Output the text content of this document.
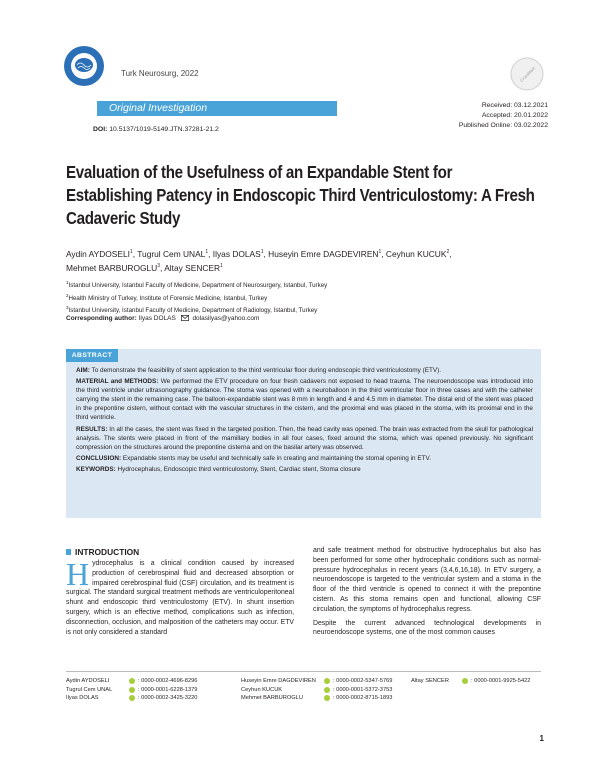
Turk Neurosurg, 2022	CrossMark
Original Investigation	Received: 03.12.2021
Accepted: 20.01.2022
Published Online: 03.02.2022
DOI: 10.5137/1019-5149.JTN.37281-21.2
Evaluation of the Usefulness of an Expandable Stent for Establishing Patency in Endoscopic Third Ventriculostomy: A Fresh Cadaveric Study
Aydin AYDOSELI$^1$, Tugrul Cem UNAL$^1$, Ilyas DOLAS$^1$, Huseyin Emre DAGDEVIREN$^1$, Ceyhun KUCUK$^2$,
Mehmet BARBUROGLU$^3$, Altay SENCER$^1$
$^1$Istanbul University, Istanbul Faculty of Medicine, Department of Neurosurgery, Istanbul, Turkey
$^2$Health Ministry of Turkey, Institute of Forensic Medicine, Istanbul, Turkey
$^3$Istanbul University, Istanbul Faculty of Medicine, Department of Radiology, Istanbul, Turkey
Corresponding author: Ilyas DOLAS	dolasilyas@yahoo.com
ABSTRACT

AIM: To demonstrate the feasibility of stent application to the third ventricular floor during endoscopic third ventriculostomy (ETV).

MATERIAL and METHODS: We performed the ETV procedure on four fresh cadavers not exposed to head trauma. The neuroendoscope was introduced into the third ventricle under ultrasonography guidance. The stoma was opened with a neuroballoon in the third ventricular floor in three cases and with the catheter carrying the stent in the remaining case. The balloon-expandable stent was 8 mm in length and 4 and 4.5 mm in diameter. The distal end of the stent was placed in the prepontine cistern, without contact with the vascular structures in the cistern, and the proximal end was placed in the stoma, with its proximal end in the third ventricle.

RESULTS: In all the cases, the stent was fixed in the targeted position. Then, the head cavity was opened. The brain was extracted from the skull for pathological analysis. The stents were placed in front of the mamillary bodies in all four cases, fixed around the stoma, which was opened previously. No significant compression on the structures around the prepontine cisterna and on the basilar artery was observed.

CONCLUSION: Expandable stents may be useful and technically safe in creating and maintaining the stomal opening in ETV.

KEYWORDS: Hydrocephalus, Endoscopic third ventriculostomy, Stent, Cardiac stent, Stoma closure

INTRODUCTION

Hydrocephalus is a clinical condition caused by increased production of cerebrospinal fluid and decreased absorption or impaired cerebrospinal fluid (CSF) circulation, and its treatment is surgical. The standard surgical treatment methods are ventriculoperitoneal shunt and endoscopic third ventriculostomy (ETV). In shunt insertion surgery, which is an effective method, complications such as infection, disconnection, occlusion, and malposition of the catheters may occur. ETV is not only considered a standard

and safe treatment method for obstructive hydrocephalus but also has been performed for some other hydrocephalic conditions such as normal-pressure hydrocephalus in recent years (3,4,6,16,18). In ETV surgery, a neuroendoscope is targeted to the ventricular system and a stoma in the floor of the third ventricle is opened to connect it with the prepontine cistern. As this stoma remains open and functional, allowing CSF circulation, the symptoms of hydrocephalus regress.

Despite the current advanced technological developments in neuroendoscope systems, one of the most common causes

Aydin AYDOSELI	: 0000-0002-4696-8296	Huseyin Emre DAGDEVIREN	: 0000-0002-5347-5769	Altay SENCER	: 0000-0001-9925-5422
Tugrul Cem UNAL	: 0000-0001-6228-1379	Ceyhun KUCUK	: 0000-0001-5372-3753
Ilyas DOLAS	: 0000-0002-3425-3220	Mehmet BARBUROGLU	: 0000-0002-8715-1893
1
